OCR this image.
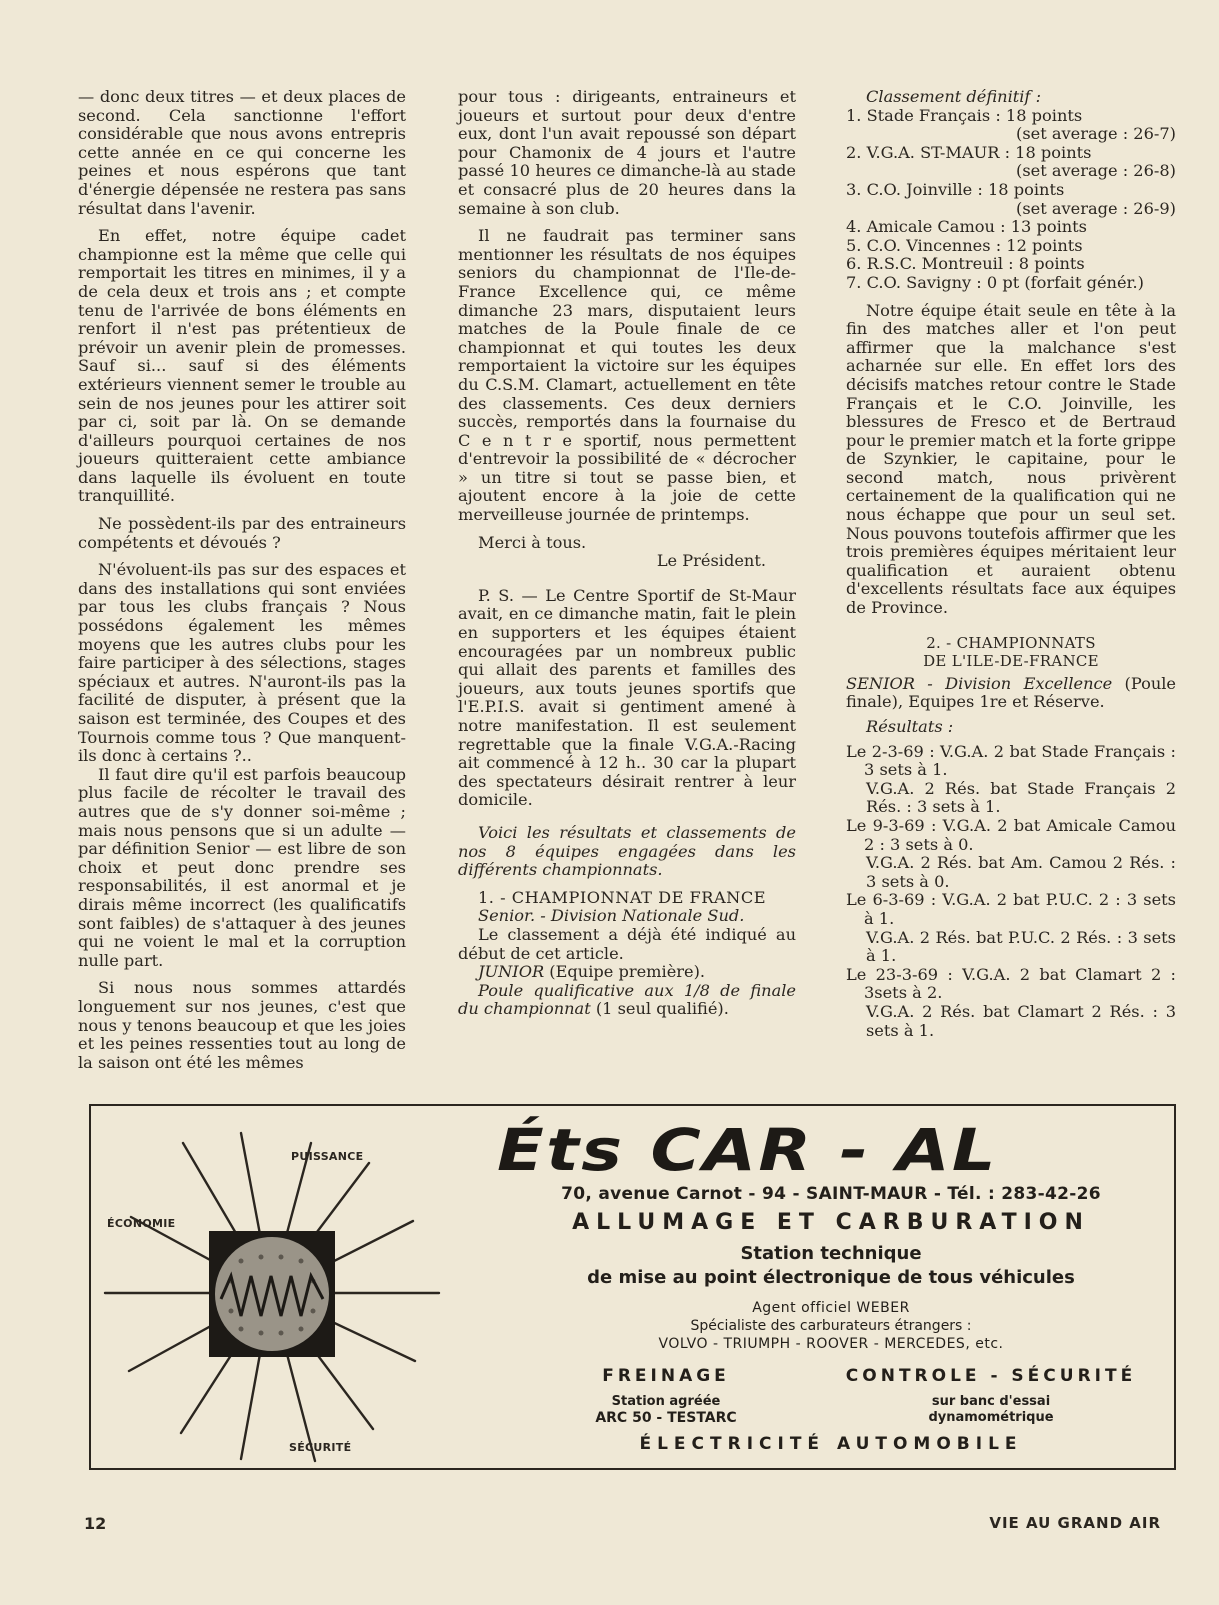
— donc deux titres — et deux places de second. Cela sanctionne l'effort considérable que nous avons entrepris cette année en ce qui concerne les peines et nous espérons que tant d'énergie dépensée ne restera pas sans résultat dans l'avenir.

En effet, notre équipe cadet championne est la même que celle qui remportait les titres en minimes, il y a de cela deux et trois ans ; et compte tenu de l'arrivée de bons éléments en renfort il n'est pas prétentieux de prévoir un avenir plein de promesses. Sauf si... sauf si des éléments extérieurs viennent semer le trouble au sein de nos jeunes pour les attirer soit par ci, soit par là. On se demande d'ailleurs pourquoi certaines de nos joueurs quitteraient cette ambiance dans laquelle ils évoluent en toute tranquillité.

Ne possèdent-ils par des entraineurs compétents et dévoués ?

N'évoluent-ils pas sur des espaces et dans des installations qui sont enviées par tous les clubs français ? Nous possédons également les mêmes moyens que les autres clubs pour les faire participer à des sélections, stages spéciaux et autres. N'auront-ils pas la facilité de disputer, à présent que la saison est terminée, des Coupes et des Tournois comme tous ? Que manquent-ils donc à certains ?..

Il faut dire qu'il est parfois beaucoup plus facile de récolter le travail des autres que de s'y donner soi-même ; mais nous pensons que si un adulte — par définition Senior — est libre de son choix et peut donc prendre ses responsabilités, il est anormal et je dirais même incorrect (les qualificatifs sont faibles) de s'attaquer à des jeunes qui ne voient le mal et la corruption nulle part.

Si nous nous sommes attardés longuement sur nos jeunes, c'est que nous y tenons beaucoup et que les joies et les peines ressenties tout au long de la saison ont été les mêmes

pour tous : dirigeants, entraineurs et joueurs et surtout pour deux d'entre eux, dont l'un avait repoussé son départ pour Chamonix de 4 jours et l'autre passé 10 heures ce dimanche-là au stade et consacré plus de 20 heures dans la semaine à son club.

Il ne faudrait pas terminer sans mentionner les résultats de nos équipes seniors du championnat de l'Ile-de-France Excellence qui, ce même dimanche 23 mars, disputaient leurs matches de la Poule finale de ce championnat et qui toutes les deux remportaient la victoire sur les équipes du C.S.M. Clamart, actuellement en tête des classements. Ces deux derniers succès, remportés dans la fournaise du C e n t r e sportif, nous permettent d'entrevoir la possibilité de « décrocher » un titre si tout se passe bien, et ajoutent encore à la joie de cette merveilleuse journée de printemps.

Merci à tous.

Le Président.

P. S. — Le Centre Sportif de St-Maur avait, en ce dimanche matin, fait le plein en supporters et les équipes étaient encouragées par un nombreux public qui allait des parents et familles des joueurs, aux touts jeunes sportifs que l'E.P.I.S. avait si gentiment amené à notre manifestation. Il est seulement regrettable que la finale V.G.A.-Racing ait commencé à 12 h.. 30 car la plupart des spectateurs désirait rentrer à leur domicile.

Voici les résultats et classements de nos 8 équipes engagées dans les différents championnats.

1. - CHAMPIONNAT DE FRANCE

Senior. - Division Nationale Sud.

Le classement a déjà été indiqué au début de cet article.

JUNIOR (Equipe première).

Poule qualificative aux 1/8 de finale du championnat (1 seul qualifié).

Classement définitif :

1. Stade Français : 18 points
(set average : 26-7)

2. V.G.A. ST-MAUR : 18 points
(set average : 26-8)

3. C.O. Joinville : 18 points
(set average : 26-9)

4. Amicale Camou : 13 points

5. C.O. Vincennes : 12 points

6. R.S.C. Montreuil : 8 points

7. C.O. Savigny : 0 pt (forfait génér.)

Notre équipe était seule en tête à la fin des matches aller et l'on peut affirmer que la malchance s'est acharnée sur elle. En effet lors des décisifs matches retour contre le Stade Français et le C.O. Joinville, les blessures de Fresco et de Bertraud pour le premier match et la forte grippe de Szynkier, le capitaine, pour le second match, nous privèrent certainement de la qualification qui ne nous échappe que pour un seul set. Nous pouvons toutefois affirmer que les trois premières équipes méritaient leur qualification et auraient obtenu d'excellents résultats face aux équipes de Province.

2. - CHAMPIONNATS

DE L'ILE-DE-FRANCE

SENIOR - Division Excellence (Poule finale), Equipes 1re et Réserve.

Résultats :

Le 2-3-69 : V.G.A. 2 bat Stade Français : 3 sets à 1.

V.G.A. 2 Rés. bat Stade Français 2 Rés. : 3 sets à 1.

Le 9-3-69 : V.G.A. 2 bat Amicale Camou 2 : 3 sets à 0.

V.G.A. 2 Rés. bat Am. Camou 2 Rés. : 3 sets à 0.

Le 6-3-69 : V.G.A. 2 bat P.U.C. 2 : 3 sets à 1.

V.G.A. 2 Rés. bat P.U.C. 2 Rés. : 3 sets à 1.

Le 23-3-69 : V.G.A. 2 bat Clamart 2 : 3sets à 2.

V.G.A. 2 Rés. bat Clamart 2 Rés. : 3 sets à 1.

PUISSANCE
ÉCONOMIE
SÉCURITÉ
Éts CAR - AL
70, avenue Carnot - 94 - SAINT-MAUR - Tél. : 283-42-26
ALLUMAGE ET CARBURATION
Station technique
de mise au point électronique de tous véhicules
Agent officiel WEBER
Spécialiste des carburateurs étrangers :
VOLVO - TRIUMPH - ROOVER - MERCEDES, etc.
FREINAGE
Station agréée
ARC 50 - TESTARC
CONTROLE - SÉCURITÉ
sur banc d'essai
dynamométrique
ÉLECTRICITÉ AUTOMOBILE
12	VIE AU GRAND AIR
